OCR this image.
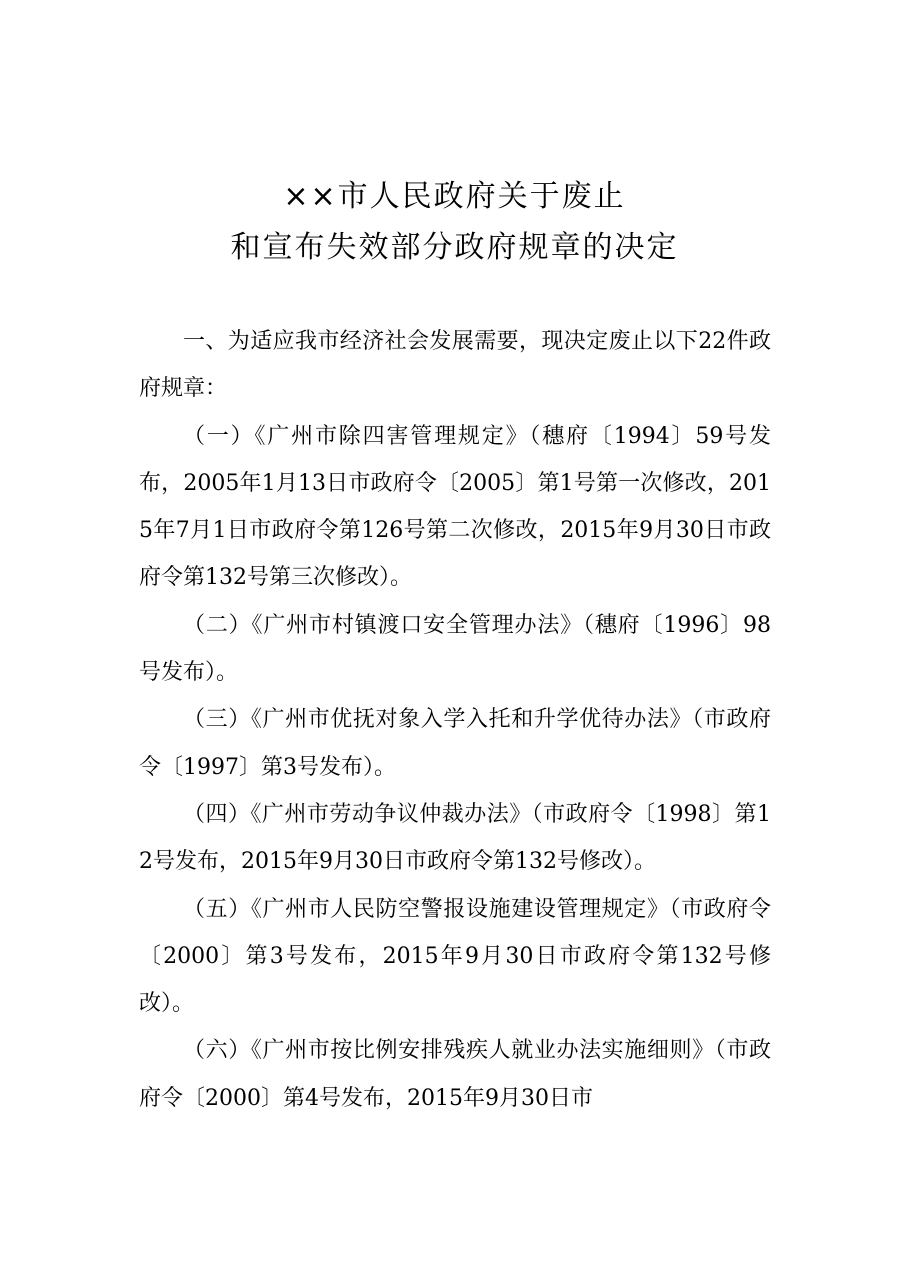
××市人民政府关于废止
和宣布失效部分政府规章的决定

一、为适应我市经济社会发展需要，现决定废止以下22件政府规章：

（一）《广州市除四害管理规定》（穗府〔1994〕59号发布，2005年1月13日市政府令〔2005〕第1号第一次修改，2015年7月1日市政府令第126号第二次修改，2015年9月30日市政府令第132号第三次修改）。

（二）《广州市村镇渡口安全管理办法》（穗府〔1996〕98号发布）。

（三）《广州市优抚对象入学入托和升学优待办法》（市政府令〔1997〕第3号发布）。

（四）《广州市劳动争议仲裁办法》（市政府令〔1998〕第12号发布，2015年9月30日市政府令第132号修改）。

（五）《广州市人民防空警报设施建设管理规定》（市政府令〔2000〕第3号发布，2015年9月30日市政府令第132号修改）。

（六）《广州市按比例安排残疾人就业办法实施细则》（市政府令〔2000〕第4号发布，2015年9月30日市
